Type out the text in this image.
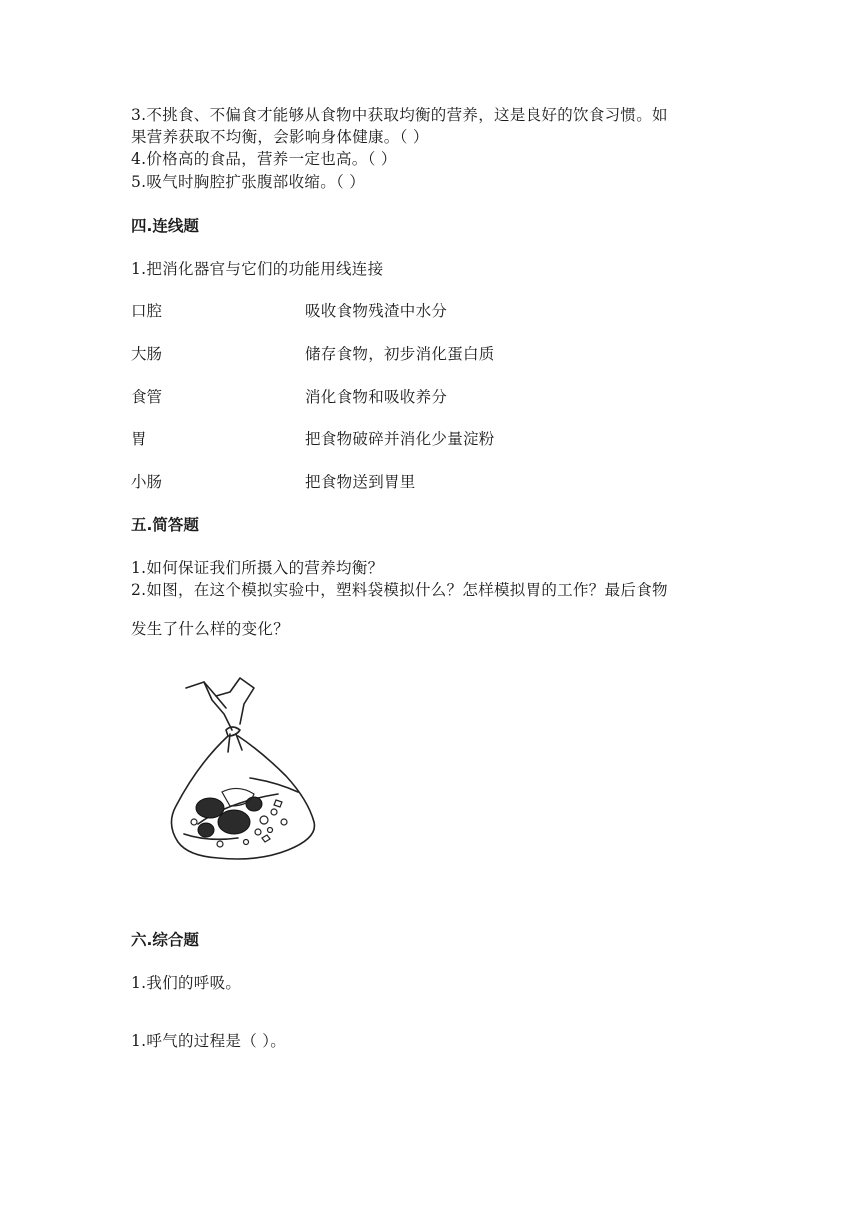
3.不挑食、不偏食才能够从食物中获取均衡的营养，这是良好的饮食习惯。如
果营养获取不均衡，会影响身体健康。（ ）
4.价格高的食品，营养一定也高。（ ）
5.吸气时胸腔扩张腹部收缩。（ ）
四.连线题
1.把消化器官与它们的功能用线连接
口腔	吸收食物残渣中水分
大肠	储存食物，初步消化蛋白质
食管	消化食物和吸收养分
胃	把食物破碎并消化少量淀粉
小肠	把食物送到胃里
五.简答题
1.如何保证我们所摄入的营养均衡？
2.如图，在这个模拟实验中，塑料袋模拟什么？怎样模拟胃的工作？最后食物
发生了什么样的变化？
六.综合题
1.我们的呼吸。
1.呼气的过程是（ ）。
